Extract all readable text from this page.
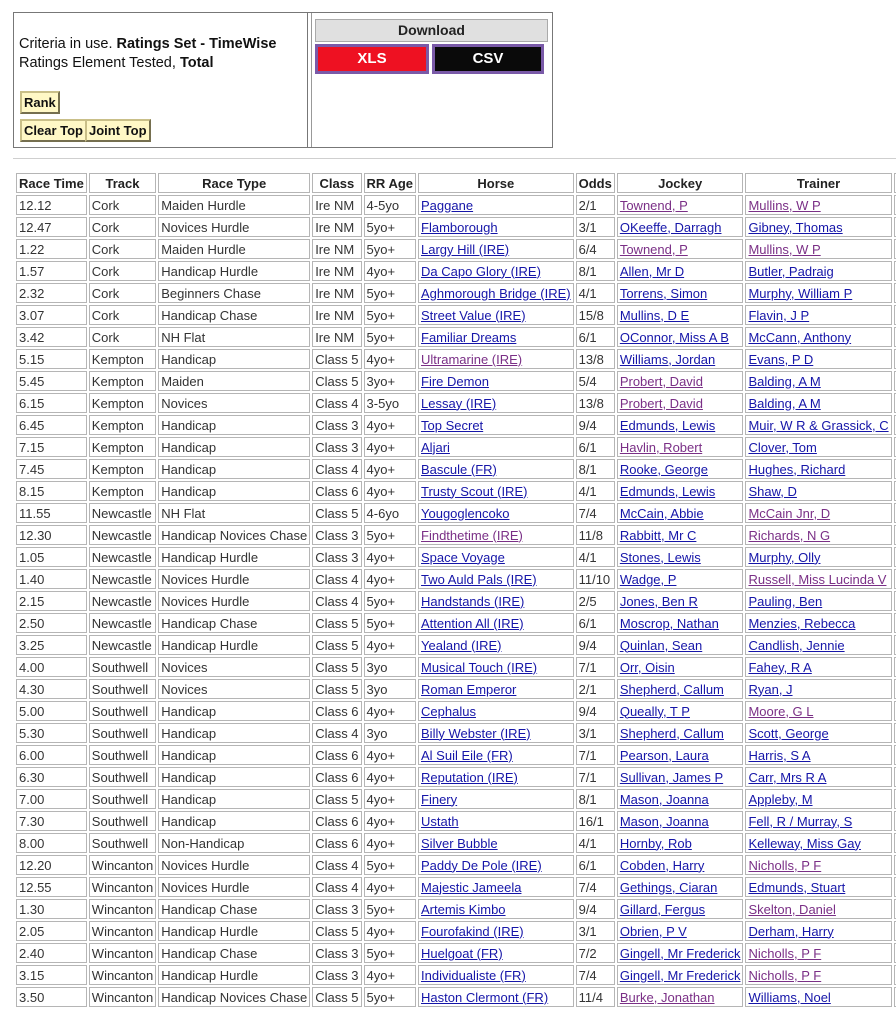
Criteria in use. Ratings Set - TimeWise
Ratings Element Tested, Total
Rank
Clear Top Joint Top
Download
XLS	CSV
Race Time	Track	Race Type	Class	RR Age	Horse	Odds	Jockey	Trainer	
12.12	Cork	Maiden Hurdle	Ire NM	4-5yo	Paggane	2/1	Townend, P	Mullins, W P	
12.47	Cork	Novices Hurdle	Ire NM	5yo+	Flamborough	3/1	OKeeffe, Darragh	Gibney, Thomas	
1.22	Cork	Maiden Hurdle	Ire NM	5yo+	Largy Hill (IRE)	6/4	Townend, P	Mullins, W P	
1.57	Cork	Handicap Hurdle	Ire NM	4yo+	Da Capo Glory (IRE)	8/1	Allen, Mr D	Butler, Padraig	
2.32	Cork	Beginners Chase	Ire NM	5yo+	Aghmorough Bridge (IRE)	4/1	Torrens, Simon	Murphy, William P	
3.07	Cork	Handicap Chase	Ire NM	5yo+	Street Value (IRE)	15/8	Mullins, D E	Flavin, J P	
3.42	Cork	NH Flat	Ire NM	5yo+	Familiar Dreams	6/1	OConnor, Miss A B	McCann, Anthony	
5.15	Kempton	Handicap	Class 5	4yo+	Ultramarine (IRE)	13/8	Williams, Jordan	Evans, P D	
5.45	Kempton	Maiden	Class 5	3yo+	Fire Demon	5/4	Probert, David	Balding, A M	
6.15	Kempton	Novices	Class 4	3-5yo	Lessay (IRE)	13/8	Probert, David	Balding, A M	
6.45	Kempton	Handicap	Class 3	4yo+	Top Secret	9/4	Edmunds, Lewis	Muir, W R & Grassick, C	
7.15	Kempton	Handicap	Class 3	4yo+	Aljari	6/1	Havlin, Robert	Clover, Tom	
7.45	Kempton	Handicap	Class 4	4yo+	Bascule (FR)	8/1	Rooke, George	Hughes, Richard	
8.15	Kempton	Handicap	Class 6	4yo+	Trusty Scout (IRE)	4/1	Edmunds, Lewis	Shaw, D	
11.55	Newcastle	NH Flat	Class 5	4-6yo	Yougoglencoko	7/4	McCain, Abbie	McCain Jnr, D	
12.30	Newcastle	Handicap Novices Chase	Class 3	5yo+	Findthetime (IRE)	11/8	Rabbitt, Mr C	Richards, N G	
1.05	Newcastle	Handicap Hurdle	Class 3	4yo+	Space Voyage	4/1	Stones, Lewis	Murphy, Olly	
1.40	Newcastle	Novices Hurdle	Class 4	4yo+	Two Auld Pals (IRE)	11/10	Wadge, P	Russell, Miss Lucinda V	
2.15	Newcastle	Novices Hurdle	Class 4	5yo+	Handstands (IRE)	2/5	Jones, Ben R	Pauling, Ben	
2.50	Newcastle	Handicap Chase	Class 5	5yo+	Attention All (IRE)	6/1	Moscrop, Nathan	Menzies, Rebecca	
3.25	Newcastle	Handicap Hurdle	Class 5	4yo+	Yealand (IRE)	9/4	Quinlan, Sean	Candlish, Jennie	
4.00	Southwell	Novices	Class 5	3yo	Musical Touch (IRE)	7/1	Orr, Oisin	Fahey, R A	
4.30	Southwell	Novices	Class 5	3yo	Roman Emperor	2/1	Shepherd, Callum	Ryan, J	
5.00	Southwell	Handicap	Class 6	4yo+	Cephalus	9/4	Queally, T P	Moore, G L	
5.30	Southwell	Handicap	Class 4	3yo	Billy Webster (IRE)	3/1	Shepherd, Callum	Scott, George	
6.00	Southwell	Handicap	Class 6	4yo+	Al Suil Eile (FR)	7/1	Pearson, Laura	Harris, S A	
6.30	Southwell	Handicap	Class 6	4yo+	Reputation (IRE)	7/1	Sullivan, James P	Carr, Mrs R A	
7.00	Southwell	Handicap	Class 5	4yo+	Finery	8/1	Mason, Joanna	Appleby, M	
7.30	Southwell	Handicap	Class 6	4yo+	Ustath	16/1	Mason, Joanna	Fell, R / Murray, S	
8.00	Southwell	Non-Handicap	Class 6	4yo+	Silver Bubble	4/1	Hornby, Rob	Kelleway, Miss Gay	
12.20	Wincanton	Novices Hurdle	Class 4	5yo+	Paddy De Pole (IRE)	6/1	Cobden, Harry	Nicholls, P F	
12.55	Wincanton	Novices Hurdle	Class 4	4yo+	Majestic Jameela	7/4	Gethings, Ciaran	Edmunds, Stuart	
1.30	Wincanton	Handicap Chase	Class 3	5yo+	Artemis Kimbo	9/4	Gillard, Fergus	Skelton, Daniel	
2.05	Wincanton	Handicap Hurdle	Class 5	4yo+	Fourofakind (IRE)	3/1	Obrien, P V	Derham, Harry	
2.40	Wincanton	Handicap Chase	Class 3	5yo+	Huelgoat (FR)	7/2	Gingell, Mr Frederick	Nicholls, P F	
3.15	Wincanton	Handicap Hurdle	Class 3	4yo+	Individualiste (FR)	7/4	Gingell, Mr Frederick	Nicholls, P F	
3.50	Wincanton	Handicap Novices Chase	Class 5	5yo+	Haston Clermont (FR)	11/4	Burke, Jonathan	Williams, Noel	
